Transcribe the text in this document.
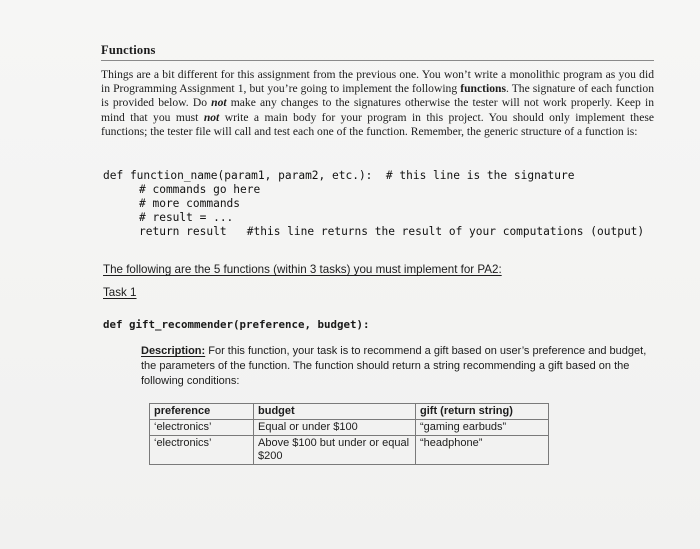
Functions
Things are a bit different for this assignment from the previous one. You won’t write a monolithic program as you did in Programming Assignment 1, but you’re going to implement the following functions. The signature of each function is provided below. Do not make any changes to the signatures otherwise the tester will not work properly. Keep in mind that you must not write a main body for your program in this project. You should only implement these functions; the tester file will call and test each one of the function. Remember, the generic structure of a function is:
def function_name(param1, param2, etc.):  # this line is the signature
# commands go here
# more commands
# result = ...
return result   #this line returns the result of your computations (output)
The following are the 5 functions (within 3 tasks) you must implement for PA2:
Task 1
def gift_recommender(preference, budget):
Description: For this function, your task is to recommend a gift based on user’s preference and budget, the parameters of the function. The function should return a string recommending a gift based on the following conditions:
preference	budget	gift (return string)
‘electronics’	Equal or under $100	“gaming earbuds”
‘electronics’	Above $100 but under or equal $200	“headphone”
